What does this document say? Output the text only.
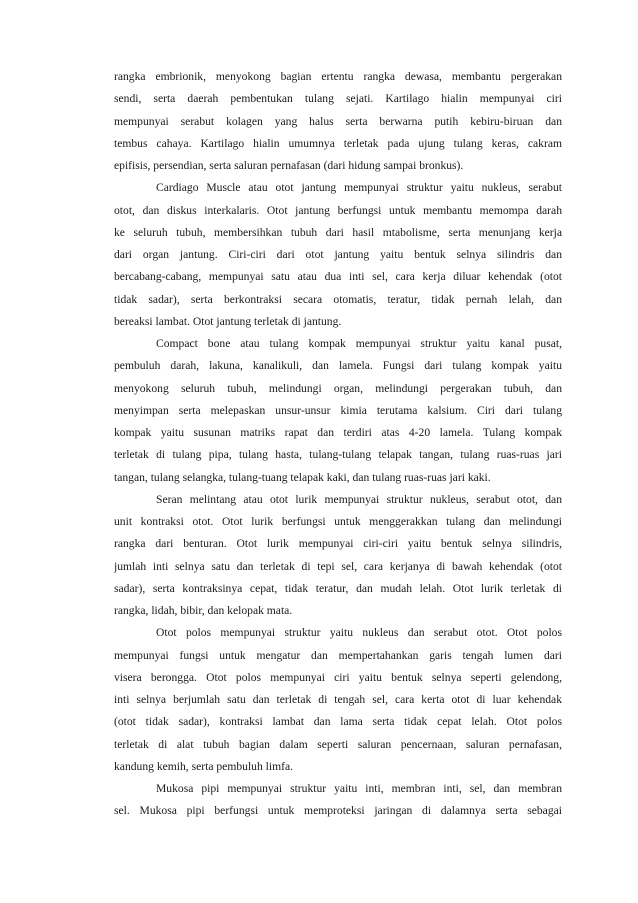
rangka embrionik, menyokong bagian ertentu rangka dewasa, membantu pergerakan
sendi, serta daerah pembentukan tulang sejati. Kartilago hialin mempunyai ciri
mempunyai serabut kolagen yang halus serta berwarna putih kebiru-biruan dan
tembus cahaya. Kartilago hialin umumnya terletak pada ujung tulang keras, cakram
epifisis, persendian, serta saluran pernafasan (dari hidung sampai bronkus).
Cardiago Muscle atau otot jantung mempunyai struktur yaitu nukleus, serabut
otot, dan diskus interkalaris. Otot jantung berfungsi untuk membantu memompa darah
ke seluruh tubuh, membersihkan tubuh dari hasil mtabolisme, serta menunjang kerja
dari organ jantung. Ciri-ciri dari otot jantung yaitu bentuk selnya silindris dan
bercabang-cabang, mempunyai satu atau dua inti sel, cara kerja diluar kehendak (otot
tidak sadar), serta berkontraksi secara otomatis, teratur, tidak pernah lelah, dan
bereaksi lambat. Otot jantung terletak di jantung.
Compact bone atau tulang kompak mempunyai struktur yaitu kanal pusat,
pembuluh darah, lakuna, kanalikuli, dan lamela. Fungsi dari tulang kompak yaitu
menyokong seluruh tubuh, melindungi organ, melindungi pergerakan tubuh, dan
menyimpan serta melepaskan unsur-unsur kimia terutama kalsium. Ciri dari tulang
kompak yaitu susunan matriks rapat dan terdiri atas 4-20 lamela. Tulang kompak
terletak di tulang pipa, tulang hasta, tulang-tulang telapak tangan, tulang ruas-ruas jari
tangan, tulang selangka, tulang-tuang telapak kaki, dan tulang ruas-ruas jari kaki.
Seran melintang atau otot lurik mempunyai struktur nukleus, serabut otot, dan
unit kontraksi otot. Otot lurik berfungsi untuk menggerakkan tulang dan melindungi
rangka dari benturan. Otot lurik mempunyai ciri-ciri yaitu bentuk selnya silindris,
jumlah inti selnya satu dan terletak di tepi sel, cara kerjanya di bawah kehendak (otot
sadar), serta kontraksinya cepat, tidak teratur, dan mudah lelah. Otot lurik terletak di
rangka, lidah, bibir, dan kelopak mata.
Otot polos mempunyai struktur yaitu nukleus dan serabut otot. Otot polos
mempunyai fungsi untuk mengatur dan mempertahankan garis tengah lumen dari
visera berongga. Otot polos mempunyai ciri yaitu bentuk selnya seperti gelendong,
inti selnya berjumlah satu dan terletak di tengah sel, cara kerta otot di luar kehendak
(otot tidak sadar), kontraksi lambat dan lama serta tidak cepat lelah. Otot polos
terletak di alat tubuh bagian dalam seperti saluran pencernaan, saluran pernafasan,
kandung kemih, serta pembuluh limfa.
Mukosa pipi mempunyai struktur yaitu inti, membran inti, sel, dan membran
sel. Mukosa pipi berfungsi untuk memproteksi jaringan di dalamnya serta sebagai
